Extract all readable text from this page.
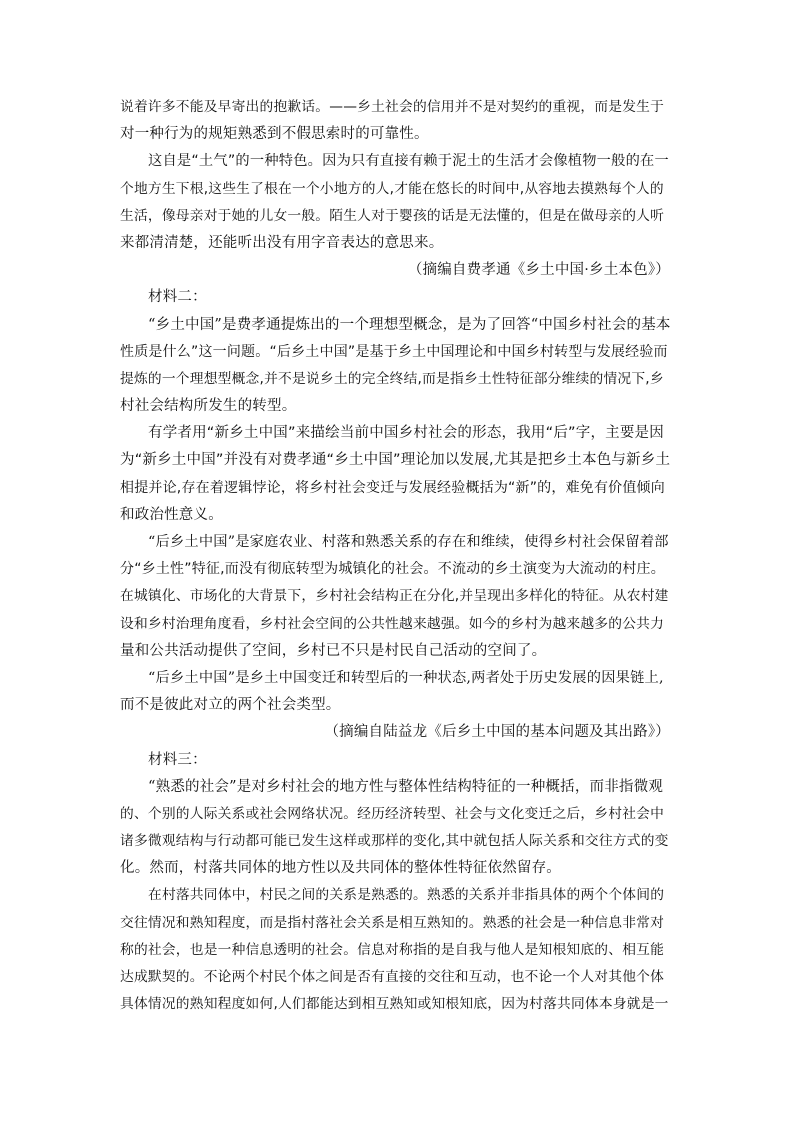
说着许多不能及早寄出的抱歉话。——乡土社会的信用并不是对契约的重视，而是发生于
对一种行为的规矩熟悉到不假思索时的可靠性。
这自是“土气”的一种特色。因为只有直接有赖于泥土的生活才会像植物一般的在一
个地方生下根,这些生了根在一个小地方的人,才能在悠长的时间中,从容地去摸熟每个人的
生活，像母亲对于她的儿女一般。陌生人对于婴孩的话是无法懂的，但是在做母亲的人听
来都清清楚，还能听出没有用字音表达的意思来。
（摘编自费孝通《乡土中国·乡土本色》）
材料二：
“乡土中国”是费孝通提炼出的一个理想型概念，是为了回答“中国乡村社会的基本
性质是什么”这一问题。“后乡土中国”是基于乡土中国理论和中国乡村转型与发展经验而
提炼的一个理想型概念,并不是说乡土的完全终结,而是指乡土性特征部分维续的情况下,乡
村社会结构所发生的转型。
有学者用“新乡土中国”来描绘当前中国乡村社会的形态，我用“后”字，主要是因
为“新乡土中国”并没有对费孝通“乡土中国”理论加以发展,尤其是把乡土本色与新乡土
相提并论,存在着逻辑悖论，将乡村社会变迁与发展经验概括为“新”的，难免有价值倾向
和政治性意义。
“后乡土中国”是家庭农业、村落和熟悉关系的存在和维续，使得乡村社会保留着部
分“乡土性”特征,而没有彻底转型为城镇化的社会。不流动的乡土演变为大流动的村庄。
在城镇化、市场化的大背景下，乡村社会结构正在分化,并呈现出多样化的特征。从农村建
设和乡村治理角度看，乡村社会空间的公共性越来越强。如今的乡村为越来越多的公共力
量和公共活动提供了空间，乡村已不只是村民自己活动的空间了。
“后乡土中国”是乡土中国变迁和转型后的一种状态,两者处于历史发展的因果链上,
而不是彼此对立的两个社会类型。
（摘编自陆益龙《后乡土中国的基本问题及其出路》）
材料三：
“熟悉的社会”是对乡村社会的地方性与整体性结构特征的一种概括，而非指微观
的、个别的人际关系或社会网络状况。经历经济转型、社会与文化变迁之后，乡村社会中
诸多微观结构与行动都可能已发生这样或那样的变化,其中就包括人际关系和交往方式的变
化。然而，村落共同体的地方性以及共同体的整体性特征依然留存。
在村落共同体中，村民之间的关系是熟悉的。熟悉的关系并非指具体的两个个体间的
交往情况和熟知程度，而是指村落社会关系是相互熟知的。熟悉的社会是一种信息非常对
称的社会，也是一种信息透明的社会。信息对称指的是自我与他人是知根知底的、相互能
达成默契的。不论两个村民个体之间是否有直接的交往和互动，也不论一个人对其他个体
具体情况的熟知程度如何,人们都能达到相互熟知或知根知底，因为村落共同体本身就是一
